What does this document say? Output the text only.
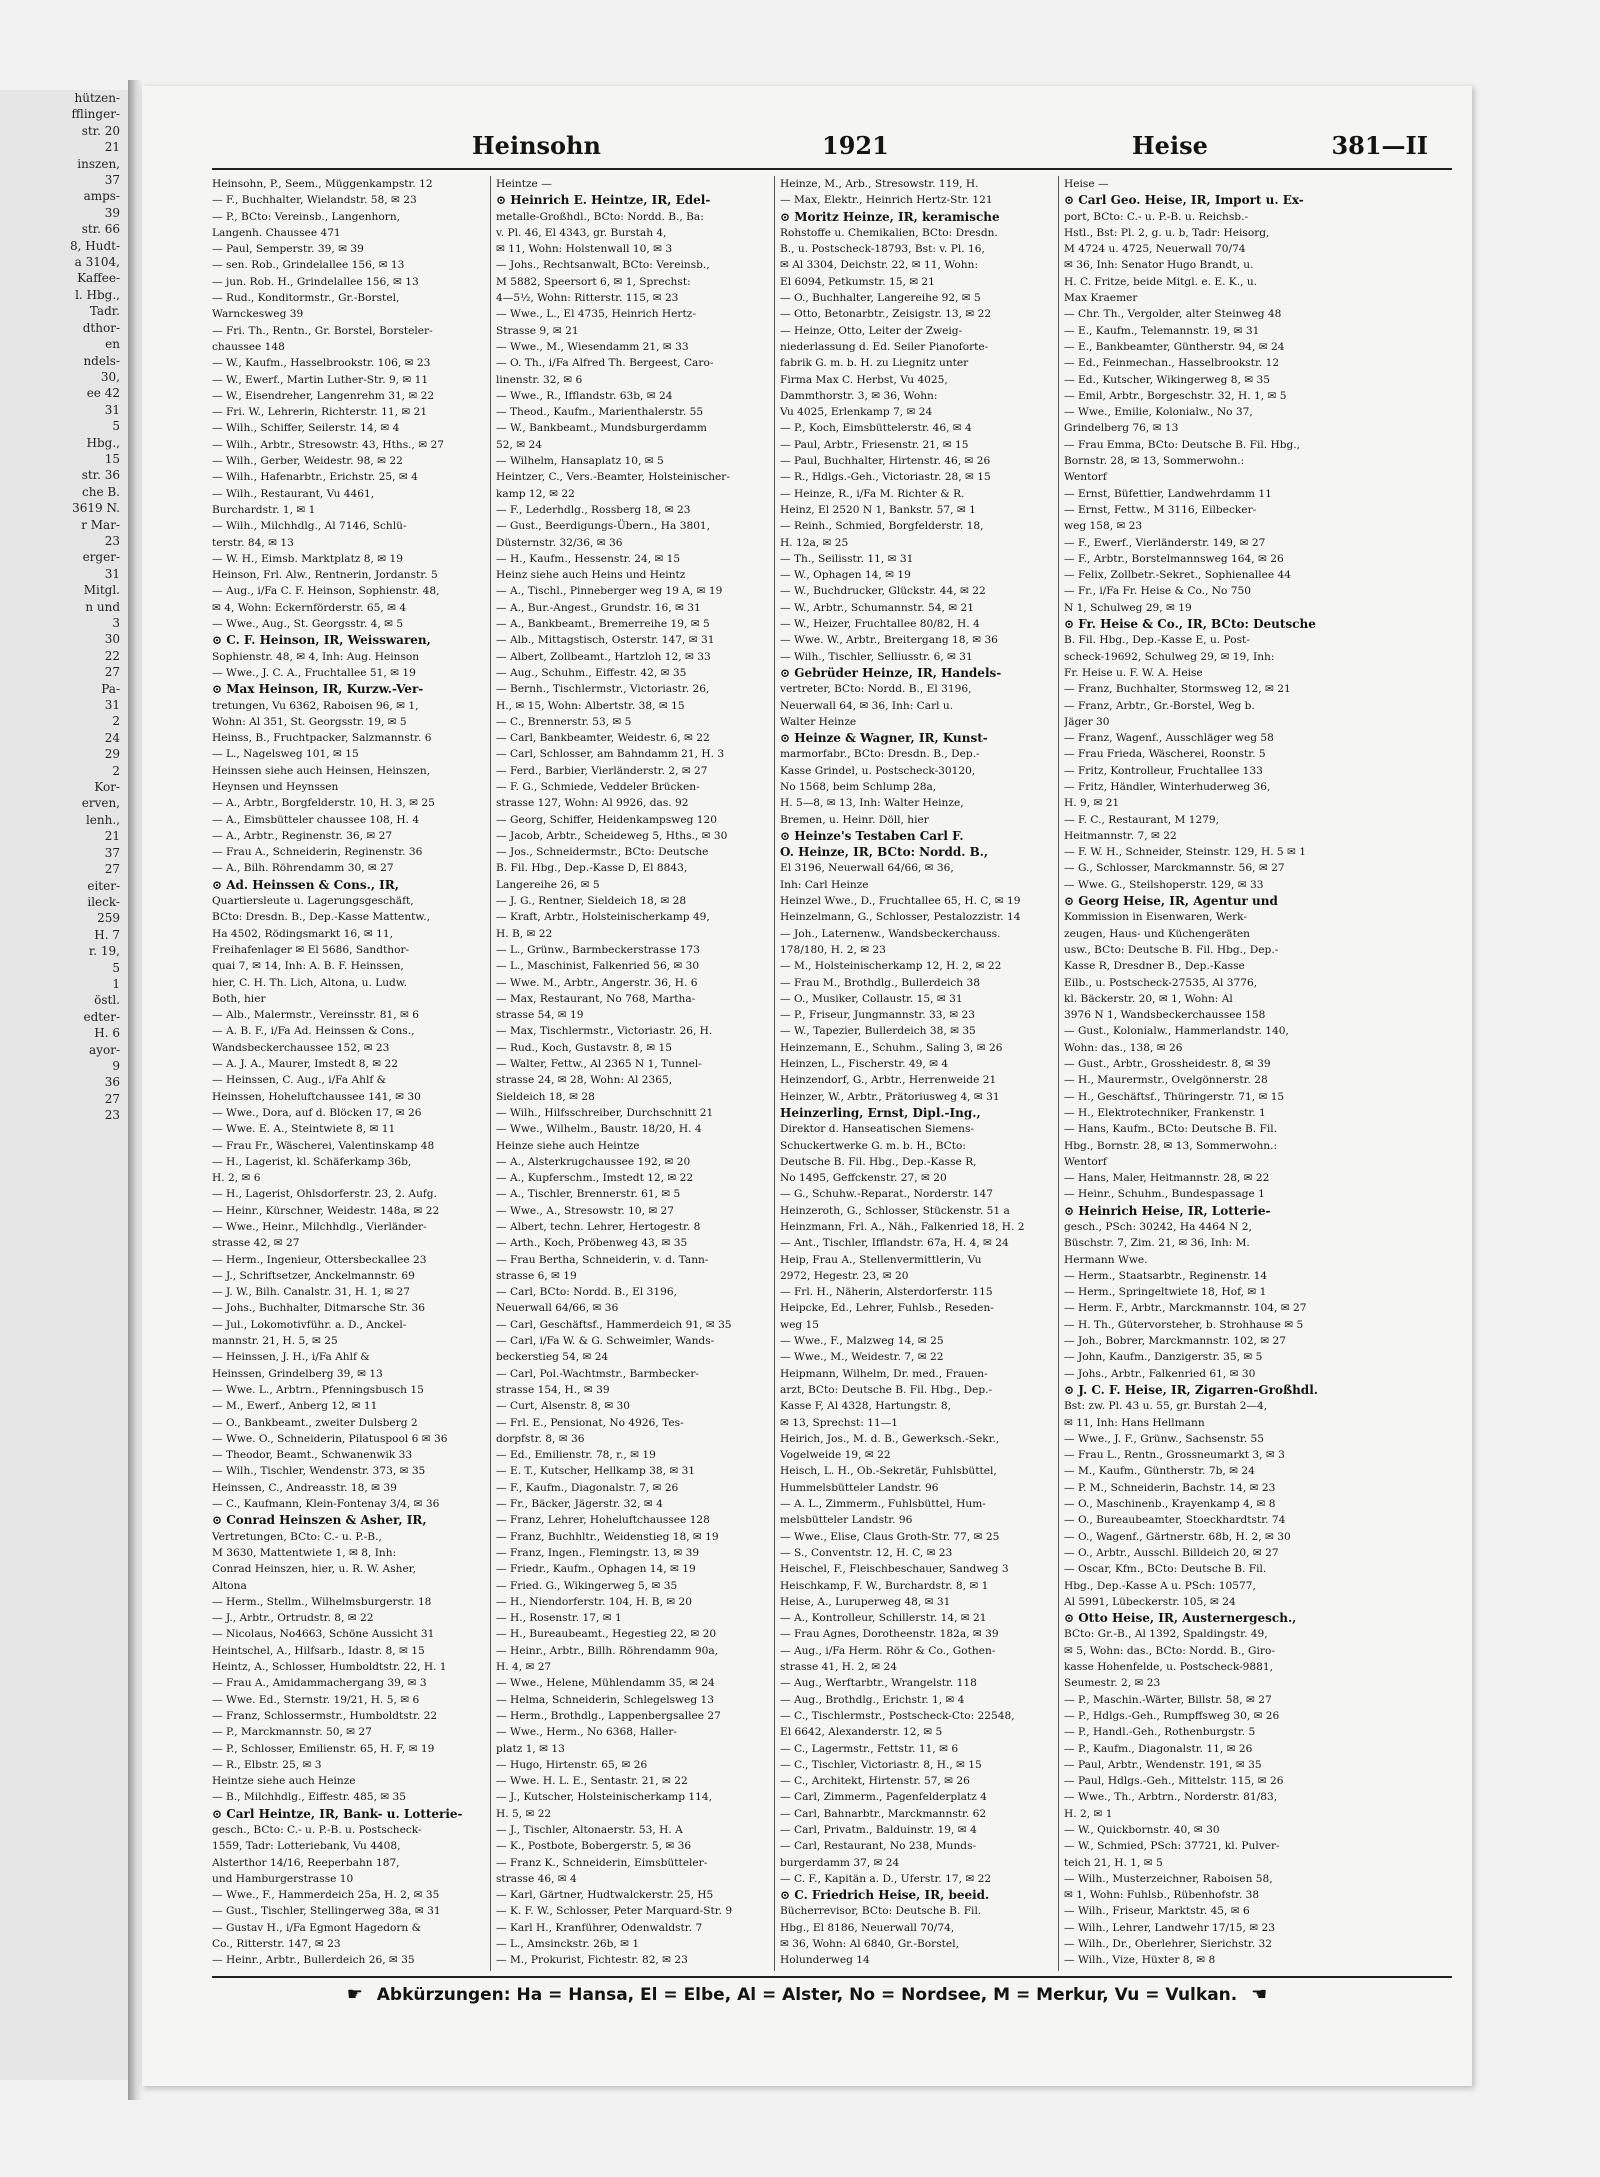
hützen-
fflinger-
str. 20
21
inszen,
37
amps-
39
str. 66
8, Hudt-
a 3104,
Kaffee-
l. Hbg.,
Tadr.
dthor-
en
ndels-
30,
ee 42
31
5
Hbg.,
15
str. 36
che B.
3619 N.
r Mar-
23
erger-
31
Mitgl.
n und
3
30
22
27
Pa-
31
2
24
29
2
Kor-
erven,
lenh.,
21
37
27
eiter-
ileck-
259
H. 7
r. 19,
5
1
östl.
edter-
H. 6
ayor-
9
36
27
23
Heinsohn	1921	Heise	381—II
Heinsohn, P., Seem., Müggenkampstr. 12
— F., Buchhalter, Wielandstr. 58, ✉ 23
— P., BCto: Vereinsb., Langenhorn,
Langenh. Chaussee 471
— Paul, Semperstr. 39, ✉ 39
— sen. Rob., Grindelallee 156, ✉ 13
— jun. Rob. H., Grindelallee 156, ✉ 13
— Rud., Konditormstr., Gr.-Borstel,
Warnckesweg 39
— Fri. Th., Rentn., Gr. Borstel, Borsteler-
chaussee 148
— W., Kaufm., Hasselbrookstr. 106, ✉ 23
— W., Ewerf., Martin Luther-Str. 9, ✉ 11
— W., Eisendreher, Langenrehm 31, ✉ 22
— Fri. W., Lehrerin, Richterstr. 11, ✉ 21
— Wilh., Schiffer, Seilerstr. 14, ✉ 4
— Wilh., Arbtr., Stresowstr. 43, Hths., ✉ 27
— Wilh., Gerber, Weidestr. 98, ✉ 22
— Wilh., Hafenarbtr., Erichstr. 25, ✉ 4
— Wilh., Restaurant, Vu 4461,
Burchardstr. 1, ✉ 1
— Wilh., Milchhdlg., Al 7146, Schlü-
terstr. 84, ✉ 13
— W. H., Eimsb. Marktplatz 8, ✉ 19
Heinson, Frl. Alw., Rentnerin, Jordanstr. 5
— Aug., i/Fa C. F. Heinson, Sophienstr. 48,
✉ 4, Wohn: Eckernförderstr. 65, ✉ 4
— Wwe., Aug., St. Georgsstr. 4, ✉ 5
⊙ C. F. Heinson, IR, Weisswaren,
Sophienstr. 48, ✉ 4, Inh: Aug. Heinson
— Wwe., J. C. A., Fruchtallee 51, ✉ 19
⊙ Max Heinson, IR, Kurzw.-Ver-
tretungen, Vu 6362, Raboisen 96, ✉ 1,
Wohn: Al 351, St. Georgsstr. 19, ✉ 5
Heinss, B., Fruchtpacker, Salzmannstr. 6
— L., Nagelsweg 101, ✉ 15
Heinssen siehe auch Heinsen, Heinszen,
Heynsen und Heynssen
— A., Arbtr., Borgfelderstr. 10, H. 3, ✉ 25
— A., Eimsbütteler chaussee 108, H. 4
— A., Arbtr., Reginenstr. 36, ✉ 27
— Frau A., Schneiderin, Reginenstr. 36
— A., Bilh. Röhrendamm 30, ✉ 27
⊙ Ad. Heinssen & Cons., IR,
Quartiersleute u. Lagerungsgeschäft,
BCto: Dresdn. B., Dep.-Kasse Mattentw.,
Ha 4502, Rödingsmarkt 16, ✉ 11,
Freihafenlager ✉ El 5686, Sandthor-
quai 7, ✉ 14, Inh: A. B. F. Heinssen,
hier, C. H. Th. Lich, Altona, u. Ludw.
Both, hier
— Alb., Malermstr., Vereinsstr. 81, ✉ 6
— A. B. F., i/Fa Ad. Heinssen & Cons.,
Wandsbeckerchaussee 152, ✉ 23
— A. J. A., Maurer, Imstedt 8, ✉ 22
— Heinssen, C. Aug., i/Fa Ahlf &
Heinssen, Hoheluftchaussee 141, ✉ 30
— Wwe., Dora, auf d. Blöcken 17, ✉ 26
— Wwe. E. A., Steintwiete 8, ✉ 11
— Frau Fr., Wäscherei, Valentinskamp 48
— H., Lagerist, kl. Schäferkamp 36b,
H. 2, ✉ 6
— H., Lagerist, Ohlsdorferstr. 23, 2. Aufg.
— Heinr., Kürschner, Weidestr. 148a, ✉ 22
— Wwe., Heinr., Milchhdlg., Vierländer-
strasse 42, ✉ 27
— Herm., Ingenieur, Ottersbeckallee 23
— J., Schriftsetzer, Anckelmannstr. 69
— J. W., Bilh. Canalstr. 31, H. 1, ✉ 27
— Johs., Buchhalter, Ditmarsche Str. 36
— Jul., Lokomotivführ. a. D., Anckel-
mannstr. 21, H. 5, ✉ 25
— Heinssen, J. H., i/Fa Ahlf &
Heinssen, Grindelberg 39, ✉ 13
— Wwe. L., Arbtrn., Pfenningsbusch 15
— M., Ewerf., Anberg 12, ✉ 11
— O., Bankbeamt., zweiter Dulsberg 2
— Wwe. O., Schneiderin, Pilatuspool 6 ✉ 36
— Theodor, Beamt., Schwanenwik 33
— Wilh., Tischler, Wendenstr. 373, ✉ 35
Heinssen, C., Andreasstr. 18, ✉ 39
— C., Kaufmann, Klein-Fontenay 3/4, ✉ 36
⊙ Conrad Heinszen & Asher, IR,
Vertretungen, BCto: C.- u. P.-B.,
M 3630, Mattentwiete 1, ✉ 8, Inh:
Conrad Heinszen, hier, u. R. W. Asher,
Altona
— Herm., Stellm., Wilhelmsburgerstr. 18
— J., Arbtr., Ortrudstr. 8, ✉ 22
— Nicolaus, No4663, Schöne Aussicht 31
Heintschel, A., Hilfsarb., Idastr. 8, ✉ 15
Heintz, A., Schlosser, Humboldtstr. 22, H. 1
— Frau A., Amidammachergang 39, ✉ 3
— Wwe. Ed., Sternstr. 19/21, H. 5, ✉ 6
— Franz, Schlossermstr., Humboldtstr. 22
— P., Marckmannstr. 50, ✉ 27
— P., Schlosser, Emilienstr. 65, H. F, ✉ 19
— R., Elbstr. 25, ✉ 3
Heintze siehe auch Heinze
— B., Milchhdlg., Eiffestr. 485, ✉ 35
⊙ Carl Heintze, IR, Bank- u. Lotterie-
gesch., BCto: C.- u. P.-B. u. Postscheck-
1559, Tadr: Lotteriebank, Vu 4408,
Alsterthor 14/16, Reeperbahn 187,
und Hamburgerstrasse 10
— Wwe., F., Hammerdeich 25a, H. 2, ✉ 35
— Gust., Tischler, Stellingerweg 38a, ✉ 31
— Gustav H., i/Fa Egmont Hagedorn &
Co., Ritterstr. 147, ✉ 23
— Heinr., Arbtr., Bullerdeich 26, ✉ 35
Heintze —
⊙ Heinrich E. Heintze, IR, Edel-
metalle-Großhdl., BCto: Nordd. B., Ba:
v. Pl. 46, El 4343, gr. Burstah 4,
✉ 11, Wohn: Holstenwall 10, ✉ 3
— Johs., Rechtsanwalt, BCto: Vereinsb.,
M 5882, Speersort 6, ✉ 1, Sprechst:
4—5½, Wohn: Ritterstr. 115, ✉ 23
— Wwe., L., El 4735, Heinrich Hertz-
Strasse 9, ✉ 21
— Wwe., M., Wiesendamm 21, ✉ 33
— O. Th., i/Fa Alfred Th. Bergeest, Caro-
linenstr. 32, ✉ 6
— Wwe., R., Ifflandstr. 63b, ✉ 24
— Theod., Kaufm., Marienthalerstr. 55
— W., Bankbeamt., Mundsburgerdamm
52, ✉ 24
— Wilhelm, Hansaplatz 10, ✉ 5
Heintzer, C., Vers.-Beamter, Holsteinischer-
kamp 12, ✉ 22
— F., Lederhdlg., Rossberg 18, ✉ 23
— Gust., Beerdigungs-Übern., Ha 3801,
Düsternstr. 32/36, ✉ 36
— H., Kaufm., Hessenstr. 24, ✉ 15
Heinz siehe auch Heins und Heintz
— A., Tischl., Pinneberger weg 19 A, ✉ 19
— A., Bur.-Angest., Grundstr. 16, ✉ 31
— A., Bankbeamt., Bremerreihe 19, ✉ 5
— Alb., Mittagstisch, Osterstr. 147, ✉ 31
— Albert, Zollbeamt., Hartzloh 12, ✉ 33
— Aug., Schuhm., Eiffestr. 42, ✉ 35
— Bernh., Tischlermstr., Victoriastr. 26,
H., ✉ 15, Wohn: Albertstr. 38, ✉ 15
— C., Brennerstr. 53, ✉ 5
— Carl, Bankbeamter, Weidestr. 6, ✉ 22
— Carl, Schlosser, am Bahndamm 21, H. 3
— Ferd., Barbier, Vierländerstr. 2, ✉ 27
— F. G., Schmiede, Veddeler Brücken-
strasse 127, Wohn: Al 9926, das. 92
— Georg, Schiffer, Heidenkampsweg 120
— Jacob, Arbtr., Scheideweg 5, Hths., ✉ 30
— Jos., Schneidermstr., BCto: Deutsche
B. Fil. Hbg., Dep.-Kasse D, El 8843,
Langereihe 26, ✉ 5
— J. G., Rentner, Sieldeich 18, ✉ 28
— Kraft, Arbtr., Holsteinischerkamp 49,
H. B, ✉ 22
— L., Grünw., Barmbeckerstrasse 173
— L., Maschinist, Falkenried 56, ✉ 30
— Wwe. M., Arbtr., Angerstr. 36, H. 6
— Max, Restaurant, No 768, Martha-
strasse 54, ✉ 19
— Max, Tischlermstr., Victoriastr. 26, H.
— Rud., Koch, Gustavstr. 8, ✉ 15
— Walter, Fettw., Al 2365 N 1, Tunnel-
strasse 24, ✉ 28, Wohn: Al 2365,
Sieldeich 18, ✉ 28
— Wilh., Hilfsschreiber, Durchschnitt 21
— Wwe., Wilhelm., Baustr. 18/20, H. 4
Heinze siehe auch Heintze
— A., Alsterkrugchaussee 192, ✉ 20
— A., Kupferschm., Imstedt 12, ✉ 22
— A., Tischler, Brennerstr. 61, ✉ 5
— Wwe., A., Stresowstr. 10, ✉ 27
— Albert, techn. Lehrer, Hertogestr. 8
— Arth., Koch, Pröbenweg 43, ✉ 35
— Frau Bertha, Schneiderin, v. d. Tann-
strasse 6, ✉ 19
— Carl, BCto: Nordd. B., El 3196,
Neuerwall 64/66, ✉ 36
— Carl, Geschäftsf., Hammerdeich 91, ✉ 35
— Carl, i/Fa W. & G. Schweimler, Wands-
beckerstieg 54, ✉ 24
— Carl, Pol.-Wachtmstr., Barmbecker-
strasse 154, H., ✉ 39
— Curt, Alsenstr. 8, ✉ 30
— Frl. E., Pensionat, No 4926, Tes-
dorpfstr. 8, ✉ 36
— Ed., Emilienstr. 78, r., ✉ 19
— E. T., Kutscher, Hellkamp 38, ✉ 31
— F., Kaufm., Diagonalstr. 7, ✉ 26
— Fr., Bäcker, Jägerstr. 32, ✉ 4
— Franz, Lehrer, Hoheluftchaussee 128
— Franz, Buchhltr., Weidenstieg 18, ✉ 19
— Franz, Ingen., Flemingstr. 13, ✉ 39
— Friedr., Kaufm., Ophagen 14, ✉ 19
— Fried. G., Wikingerweg 5, ✉ 35
— H., Niendorferstr. 104, H. B, ✉ 20
— H., Rosenstr. 17, ✉ 1
— H., Bureaubeamt., Hegestieg 22, ✉ 20
— Heinr., Arbtr., Billh. Röhrendamm 90a,
H. 4, ✉ 27
— Wwe., Helene, Mühlendamm 35, ✉ 24
— Helma, Schneiderin, Schlegelsweg 13
— Herm., Brothdlg., Lappenbergsallee 27
— Wwe., Herm., No 6368, Haller-
platz 1, ✉ 13
— Hugo, Hirtenstr. 65, ✉ 26
— Wwe. H. L. E., Sentastr. 21, ✉ 22
— J., Kutscher, Holsteinischerkamp 114,
H. 5, ✉ 22
— J., Tischler, Altonaerstr. 53, H. A
— K., Postbote, Bobergerstr. 5, ✉ 36
— Franz K., Schneiderin, Eimsbütteler-
strasse 46, ✉ 4
— Karl, Gärtner, Hudtwalckerstr. 25, H5
— K. F. W., Schlosser, Peter Marquard-Str. 9
— Karl H., Kranführer, Odenwaldstr. 7
— L., Amsinckstr. 26b, ✉ 1
— M., Prokurist, Fichtestr. 82, ✉ 23
Heinze, M., Arb., Stresowstr. 119, H.
— Max, Elektr., Heinrich Hertz-Str. 121
⊙ Moritz Heinze, IR, keramische
Rohstoffe u. Chemikalien, BCto: Dresdn.
B., u. Postscheck-18793, Bst: v. Pl. 16,
✉ Al 3304, Deichstr. 22, ✉ 11, Wohn:
El 6094, Petkumstr. 15, ✉ 21
— O., Buchhalter, Langereihe 92, ✉ 5
— Otto, Betonarbtr., Zeisigstr. 13, ✉ 22
— Heinze, Otto, Leiter der Zweig-
niederlassung d. Ed. Seiler Pianoforte-
fabrik G. m. b. H. zu Liegnitz unter
Firma Max C. Herbst, Vu 4025,
Dammthorstr. 3, ✉ 36, Wohn:
Vu 4025, Erlenkamp 7, ✉ 24
— P., Koch, Eimsbüttelerstr. 46, ✉ 4
— Paul, Arbtr., Friesenstr. 21, ✉ 15
— Paul, Buchhalter, Hirtenstr. 46, ✉ 26
— R., Hdlgs.-Geh., Victoriastr. 28, ✉ 15
— Heinze, R., i/Fa M. Richter & R.
Heinz, El 2520 N 1, Bankstr. 57, ✉ 1
— Reinh., Schmied, Borgfelderstr. 18,
H. 12a, ✉ 25
— Th., Seilisstr. 11, ✉ 31
— W., Ophagen 14, ✉ 19
— W., Buchdrucker, Glückstr. 44, ✉ 22
— W., Arbtr., Schumannstr. 54, ✉ 21
— W., Heizer, Fruchtallee 80/82, H. 4
— Wwe. W., Arbtr., Breitergang 18, ✉ 36
— Wilh., Tischler, Selliusstr. 6, ✉ 31
⊙ Gebrüder Heinze, IR, Handels-
vertreter, BCto: Nordd. B., El 3196,
Neuerwall 64, ✉ 36, Inh: Carl u.
Walter Heinze
⊙ Heinze & Wagner, IR, Kunst-
marmorfabr., BCto: Dresdn. B., Dep.-
Kasse Grindel, u. Postscheck-30120,
No 1568, beim Schlump 28a,
H. 5—8, ✉ 13, Inh: Walter Heinze,
Bremen, u. Heinr. Döll, hier
⊙ Heinze's Testaben Carl F.
O. Heinze, IR, BCto: Nordd. B.,
El 3196, Neuerwall 64/66, ✉ 36,
Inh: Carl Heinze
Heinzel Wwe., D., Fruchtallee 65, H. C, ✉ 19
Heinzelmann, G., Schlosser, Pestalozzistr. 14
— Joh., Laternenw., Wandsbeckerchauss.
178/180, H. 2, ✉ 23
— M., Holsteinischerkamp 12, H. 2, ✉ 22
— Frau M., Brothdlg., Bullerdeich 38
— O., Musiker, Collaustr. 15, ✉ 31
— P., Friseur, Jungmannstr. 33, ✉ 23
— W., Tapezier, Bullerdeich 38, ✉ 35
Heinzemann, E., Schuhm., Saling 3, ✉ 26
Heinzen, L., Fischerstr. 49, ✉ 4
Heinzendorf, G., Arbtr., Herrenweide 21
Heinzer, W., Arbtr., Prätoriusweg 4, ✉ 31
Heinzerling, Ernst, Dipl.-Ing.,
Direktor d. Hanseatischen Siemens-
Schuckertwerke G. m. b. H., BCto:
Deutsche B. Fil. Hbg., Dep.-Kasse R,
No 1495, Geffckenstr. 27, ✉ 20
— G., Schuhw.-Reparat., Norderstr. 147
Heinzeroth, G., Schlosser, Stückenstr. 51 a
Heinzmann, Frl. A., Näh., Falkenried 18, H. 2
— Ant., Tischler, Ifflandstr. 67a, H. 4, ✉ 24
Heip, Frau A., Stellenvermittlerin, Vu
2972, Hegestr. 23, ✉ 20
— Frl. H., Näherin, Alsterdorferstr. 115
Heipcke, Ed., Lehrer, Fuhlsb., Reseden-
weg 15
— Wwe., F., Malzweg 14, ✉ 25
— Wwe., M., Weidestr. 7, ✉ 22
Heipmann, Wilhelm, Dr. med., Frauen-
arzt, BCto: Deutsche B. Fil. Hbg., Dep.-
Kasse F, Al 4328, Hartungstr. 8,
✉ 13, Sprechst: 11—1
Heirich, Jos., M. d. B., Gewerksch.-Sekr.,
Vogelweide 19, ✉ 22
Heisch, L. H., Ob.-Sekretär, Fuhlsbüttel,
Hummelsbütteler Landstr. 96
— A. L., Zimmerm., Fuhlsbüttel, Hum-
melsbütteler Landstr. 96
— Wwe., Elise, Claus Groth-Str. 77, ✉ 25
— S., Conventstr. 12, H. C, ✉ 23
Heischel, F., Fleischbeschauer, Sandweg 3
Heischkamp, F. W., Burchardstr. 8, ✉ 1
Heise, A., Luruperweg 48, ✉ 31
— A., Kontrolleur, Schillerstr. 14, ✉ 21
— Frau Agnes, Dorotheenstr. 182a, ✉ 39
— Aug., i/Fa Herm. Röhr & Co., Gothen-
strasse 41, H. 2, ✉ 24
— Aug., Werftarbtr., Wrangelstr. 118
— Aug., Brothdlg., Erichstr. 1, ✉ 4
— C., Tischlermstr., Postscheck-Cto: 22548,
El 6642, Alexanderstr. 12, ✉ 5
— C., Lagermstr., Fettstr. 11, ✉ 6
— C., Tischler, Victoriastr. 8, H., ✉ 15
— C., Architekt, Hirtenstr. 57, ✉ 26
— Carl, Zimmerm., Pagenfelderplatz 4
— Carl, Bahnarbtr., Marckmannstr. 62
— Carl, Privatm., Balduinstr. 19, ✉ 4
— Carl, Restaurant, No 238, Munds-
burgerdamm 37, ✉ 24
— C. F., Kapitän a. D., Uferstr. 17, ✉ 22
⊙ C. Friedrich Heise, IR, beeid.
Bücherrevisor, BCto: Deutsche B. Fil.
Hbg., El 8186, Neuerwall 70/74,
✉ 36, Wohn: Al 6840, Gr.-Borstel,
Holunderweg 14
Heise —
⊙ Carl Geo. Heise, IR, Import u. Ex-
port, BCto: C.- u. P.-B. u. Reichsb.-
Hstl., Bst: Pl. 2, g. u. b, Tadr: Heisorg,
M 4724 u. 4725, Neuerwall 70/74
✉ 36, Inh: Senator Hugo Brandt, u.
H. C. Fritze, beide Mitgl. e. E. K., u.
Max Kraemer
— Chr. Th., Vergolder, alter Steinweg 48
— E., Kaufm., Telemannstr. 19, ✉ 31
— E., Bankbeamter, Güntherstr. 94, ✉ 24
— Ed., Feinmechan., Hasselbrookstr. 12
— Ed., Kutscher, Wikingerweg 8, ✉ 35
— Emil, Arbtr., Borgeschstr. 32, H. 1, ✉ 5
— Wwe., Emilie, Kolonialw., No 37,
Grindelberg 76, ✉ 13
— Frau Emma, BCto: Deutsche B. Fil. Hbg.,
Bornstr. 28, ✉ 13, Sommerwohn.:
Wentorf
— Ernst, Büfettier, Landwehrdamm 11
— Ernst, Fettw., M 3116, Eilbecker-
weg 158, ✉ 23
— F., Ewerf., Vierländerstr. 149, ✉ 27
— F., Arbtr., Borstelmannsweg 164, ✉ 26
— Felix, Zollbetr.-Sekret., Sophienallee 44
— Fr., i/Fa Fr. Heise & Co., No 750
N 1, Schulweg 29, ✉ 19
⊙ Fr. Heise & Co., IR, BCto: Deutsche
B. Fil. Hbg., Dep.-Kasse E, u. Post-
scheck-19692, Schulweg 29, ✉ 19, Inh:
Fr. Heise u. F. W. A. Heise
— Franz, Buchhalter, Stormsweg 12, ✉ 21
— Franz, Arbtr., Gr.-Borstel, Weg b.
Jäger 30
— Franz, Wagenf., Ausschläger weg 58
— Frau Frieda, Wäscherei, Roonstr. 5
— Fritz, Kontrolleur, Fruchtallee 133
— Fritz, Händler, Winterhuderweg 36,
H. 9, ✉ 21
— F. C., Restaurant, M 1279,
Heitmannstr. 7, ✉ 22
— F. W. H., Schneider, Steinstr. 129, H. 5 ✉ 1
— G., Schlosser, Marckmannstr. 56, ✉ 27
— Wwe. G., Steilshoperstr. 129, ✉ 33
⊙ Georg Heise, IR, Agentur und
Kommission in Eisenwaren, Werk-
zeugen, Haus- und Küchengeräten
usw., BCto: Deutsche B. Fil. Hbg., Dep.-
Kasse R, Dresdner B., Dep.-Kasse
Eilb., u. Postscheck-27535, Al 3776,
kl. Bäckerstr. 20, ✉ 1, Wohn: Al
3976 N 1, Wandsbeckerchaussee 158
— Gust., Kolonialw., Hammerlandstr. 140,
Wohn: das., 138, ✉ 26
— Gust., Arbtr., Grossheidestr. 8, ✉ 39
— H., Maurermstr., Ovelgönnerstr. 28
— H., Geschäftsf., Thüringerstr. 71, ✉ 15
— H., Elektrotechniker, Frankenstr. 1
— Hans, Kaufm., BCto: Deutsche B. Fil.
Hbg., Bornstr. 28, ✉ 13, Sommerwohn.:
Wentorf
— Hans, Maler, Heitmannstr. 28, ✉ 22
— Heinr., Schuhm., Bundespassage 1
⊙ Heinrich Heise, IR, Lotterie-
gesch., PSch: 30242, Ha 4464 N 2,
Büschstr. 7, Zim. 21, ✉ 36, Inh: M.
Hermann Wwe.
— Herm., Staatsarbtr., Reginenstr. 14
— Herm., Springeltwiete 18, Hof, ✉ 1
— Herm. F., Arbtr., Marckmannstr. 104, ✉ 27
— H. Th., Gütervorsteher, b. Strohhause ✉ 5
— Joh., Bobrer, Marckmannstr. 102, ✉ 27
— John, Kaufm., Danzigerstr. 35, ✉ 5
— Johs., Arbtr., Falkenried 61, ✉ 30
⊙ J. C. F. Heise, IR, Zigarren-Großhdl.
Bst: zw. Pl. 43 u. 55, gr. Burstah 2—4,
✉ 11, Inh: Hans Hellmann
— Wwe., J. F., Grünw., Sachsenstr. 55
— Frau L., Rentn., Grossneumarkt 3, ✉ 3
— M., Kaufm., Güntherstr. 7b, ✉ 24
— P. M., Schneiderin, Bachstr. 14, ✉ 23
— O., Maschinenb., Krayenkamp 4, ✉ 8
— O., Bureaubeamter, Stoeckhardtstr. 74
— O., Wagenf., Gärtnerstr. 68b, H. 2, ✉ 30
— O., Arbtr., Ausschl. Billdeich 20, ✉ 27
— Oscar, Kfm., BCto: Deutsche B. Fil.
Hbg., Dep.-Kasse A u. PSch: 10577,
Al 5991, Lübeckerstr. 105, ✉ 24
⊙ Otto Heise, IR, Austernergesch.,
BCto: Gr.-B., Al 1392, Spaldingstr. 49,
✉ 5, Wohn: das., BCto: Nordd. B., Giro-
kasse Hohenfelde, u. Postscheck-9881,
Seumestr. 2, ✉ 23
— P., Maschin.-Wärter, Billstr. 58, ✉ 27
— P., Hdlgs.-Geh., Rumpffsweg 30, ✉ 26
— P., Handl.-Geh., Rothenburgstr. 5
— P., Kaufm., Diagonalstr. 11, ✉ 26
— Paul, Arbtr., Wendenstr. 191, ✉ 35
— Paul, Hdlgs.-Geh., Mittelstr. 115, ✉ 26
— Wwe., Th., Arbtrn., Norderstr. 81/83,
H. 2, ✉ 1
— W., Quickbornstr. 40, ✉ 30
— W., Schmied, PSch: 37721, kl. Pulver-
teich 21, H. 1, ✉ 5
— Wilh., Musterzeichner, Raboisen 58,
✉ 1, Wohn: Fuhlsb., Rübenhofstr. 38
— Wilh., Friseur, Marktstr. 45, ✉ 6
— Wilh., Lehrer, Landwehr 17/15, ✉ 23
— Wilh., Dr., Oberlehrer, Sierichstr. 32
— Wilh., Vize, Hüxter 8, ✉ 8
☛ Abkürzungen: Ha = Hansa, El = Elbe, Al = Alster, No = Nordsee, M = Merkur, Vu = Vulkan. ☚
